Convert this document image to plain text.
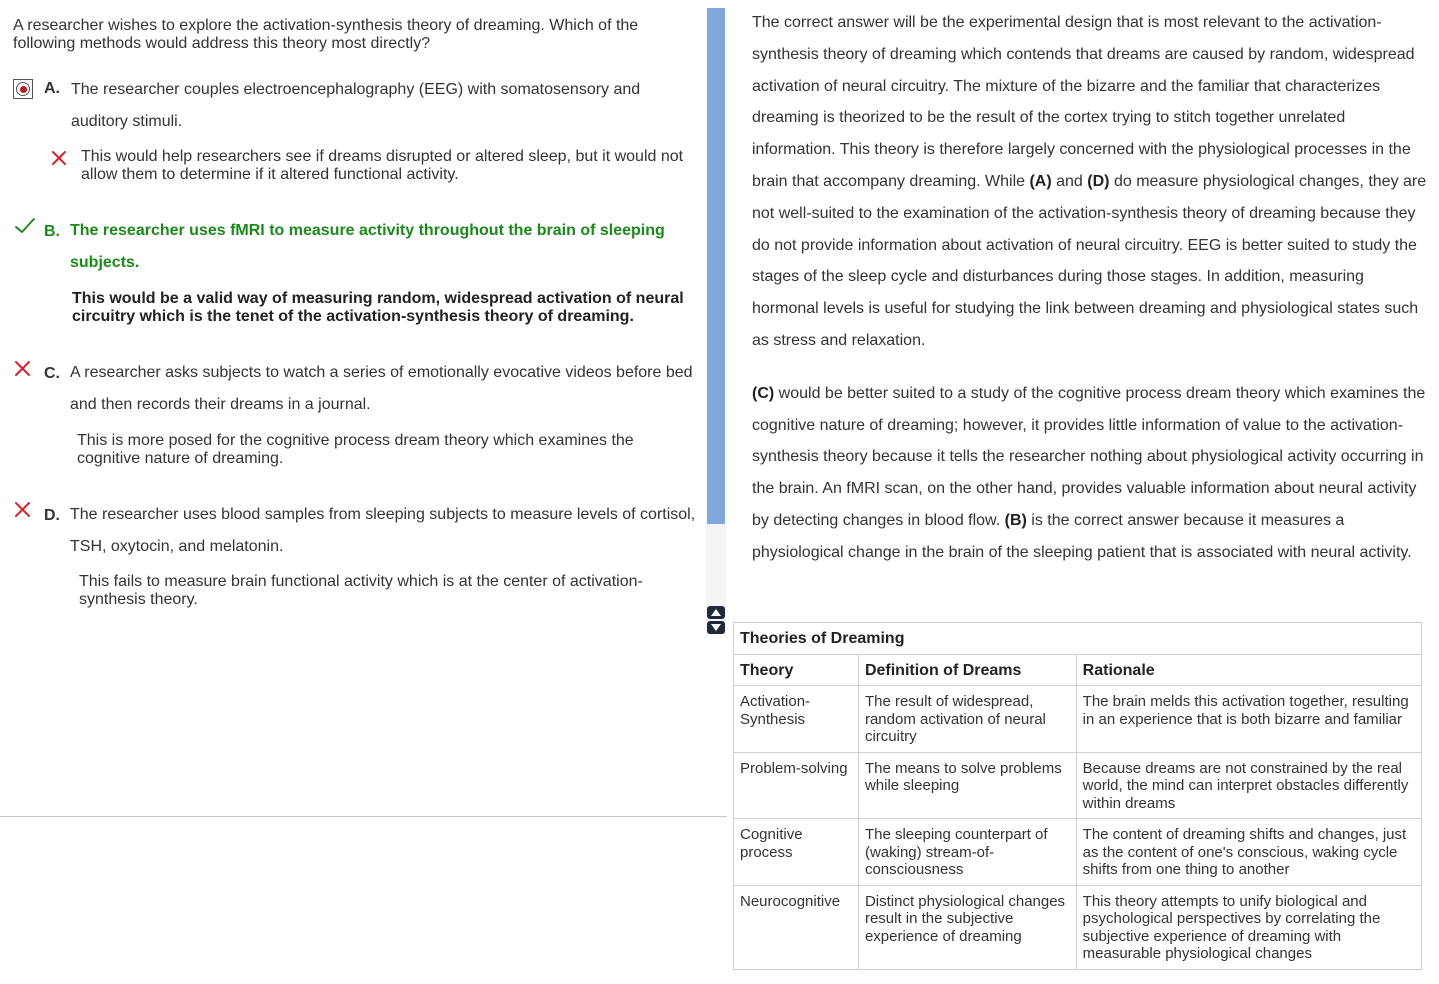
A researcher wishes to explore the activation-synthesis theory of dreaming. Which of the following methods would address this theory most directly?
A. The researcher couples electroencephalography (EEG) with somatosensory and auditory stimuli.
This would help researchers see if dreams disrupted or altered sleep, but it would not allow them to determine if it altered functional activity.
B. The researcher uses fMRI to measure activity throughout the brain of sleeping subjects.
This would be a valid way of measuring random, widespread activation of neural circuitry which is the tenet of the activation-synthesis theory of dreaming.
C. A researcher asks subjects to watch a series of emotionally evocative videos before bed and then records their dreams in a journal.
This is more posed for the cognitive process dream theory which examines the cognitive nature of dreaming.
D. The researcher uses blood samples from sleeping subjects to measure levels of cortisol, TSH, oxytocin, and melatonin.
This fails to measure brain functional activity which is at the center of activation-synthesis theory.

The correct answer will be the experimental design that is most relevant to the activation-synthesis theory of dreaming which contends that dreams are caused by random, widespread activation of neural circuitry. The mixture of the bizarre and the familiar that characterizes dreaming is theorized to be the result of the cortex trying to stitch together unrelated information. This theory is therefore largely concerned with the physiological processes in the brain that accompany dreaming. While (A) and (D) do measure physiological changes, they are not well-suited to the examination of the activation-synthesis theory of dreaming because they do not provide information about activation of neural circuitry. EEG is better suited to study the stages of the sleep cycle and disturbances during those stages. In addition, measuring hormonal levels is useful for studying the link between dreaming and physiological states such as stress and relaxation.

(C) would be better suited to a study of the cognitive process dream theory which examines the cognitive nature of dreaming; however, it provides little information of value to the activation-synthesis theory because it tells the researcher nothing about physiological activity occurring in the brain. An fMRI scan, on the other hand, provides valuable information about neural activity by detecting changes in blood flow. (B) is the correct answer because it measures a physiological change in the brain of the sleeping patient that is associated with neural activity.

Theories of Dreaming		
Theory	Definition of Dreams	Rationale
Activation-Synthesis	The result of widespread, random activation of neural circuitry	The brain melds this activation together, resulting in an experience that is both bizarre and familiar
Problem-solving	The means to solve problems while sleeping	Because dreams are not constrained by the real world, the mind can interpret obstacles differently within dreams
Cognitive process	The sleeping counterpart of (waking) stream-of-consciousness	The content of dreaming shifts and changes, just as the content of one's conscious, waking cycle shifts from one thing to another
Neurocognitive	Distinct physiological changes result in the subjective experience of dreaming	This theory attempts to unify biological and psychological perspectives by correlating the subjective experience of dreaming with measurable physiological changes
